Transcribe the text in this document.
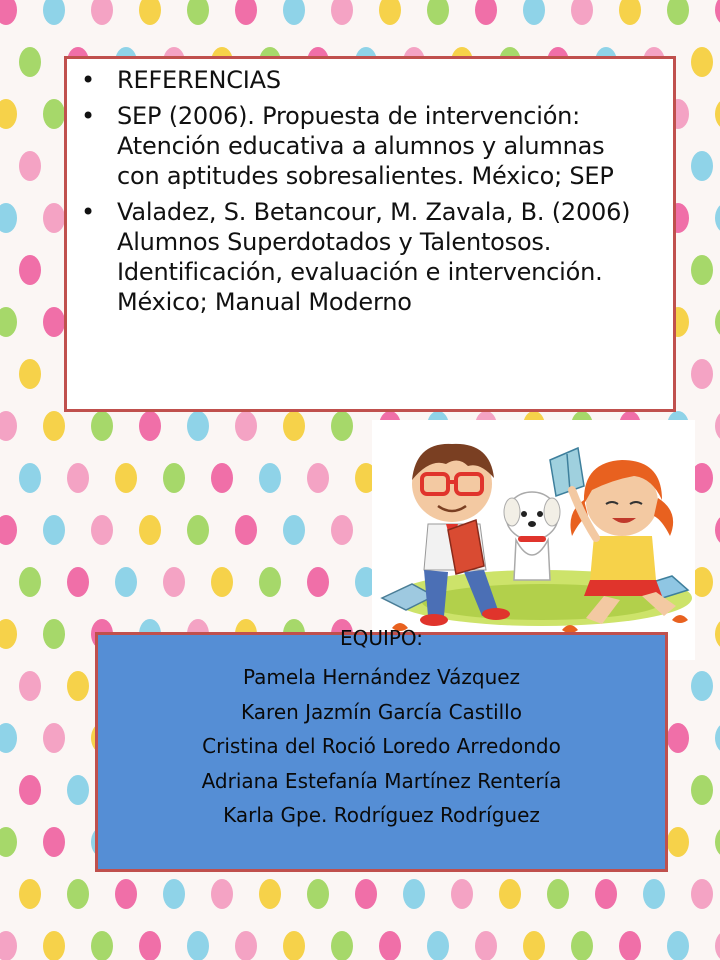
• REFERENCIAS
• SEP (2006). Propuesta de intervención: Atención educativa a alumnos y alumnas con aptitudes sobresalientes. México; SEP
• Valadez, S. Betancour, M. Zavala, B. (2006) Alumnos Superdotados y Talentosos. Identificación, evaluación e intervención. México; Manual Moderno
EQUIPO:
Pamela Hernández Vázquez
Karen Jazmín García Castillo
Cristina del Roció Loredo Arredondo
Adriana Estefanía Martínez Rentería
Karla Gpe. Rodríguez Rodríguez
